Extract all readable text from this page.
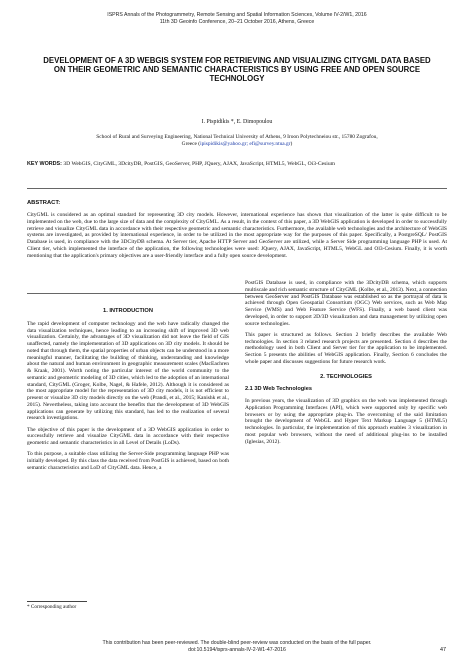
ISPRS Annals of the Photogrammetry, Remote Sensing and Spatial Information Sciences, Volume IV-2/W1, 2016
11th 3D Geoinfo Conference, 20–21 October 2016, Athens, Greece
DEVELOPMENT OF A 3D WEBGIS SYSTEM FOR RETRIEVING AND VISUALIZING CITYGML DATA BASED ON THEIR GEOMETRIC AND SEMANTIC CHARACTERISTICS BY USING FREE AND OPEN SOURCE TECHNOLOGY
I. Pispidikis *, E. Dimopoulou
School of Rural and Surveying Engineering, National Technical University of Athens, 9 Iroon Polytechneiou str., 15780 Zografou,
Greece (ipispidikis@yahoo.gr; efi@survey.ntua.gr)
KEY WORDS: 3D WebGIS, CityGML, 3DcityDB, PostGIS, GeoServer, PHP, JQuery, AJAX, JavaScript, HTML5, WebGL, Oi3-Cesium
ABSTRACT:
CityGML is considered as an optimal standard for representing 3D city models. However, international experience has shown that visualization of the latter is quite difficult to be implemented on the web, due to the large size of data and the complexity of CityGML. As a result, in the context of this paper, a 3D WebGIS application is developed in order to successfully retrieve and visualize CityGML data in accordance with their respective geometric and semantic characteristics. Furthermore, the available web technologies and the architecture of WebGIS systems are investigated, as provided by international experience, in order to be utilized in the most appropriate way for the purposes of this paper. Specifically, a PostgreSQL/ PostGIS Database is used, in compliance with the 3DCityDB schema. At Server tier, Apache HTTP Server and GeoServer are utilized, while a Server Side programming language PHP is used. At Client tier, which implemented the interface of the application, the following technologies were used: JQuery, AJAX, JavaScript, HTML5, WebGL and Ol3-Cesium. Finally, it is worth mentioning that the application's primary objectives are a user-friendly interface and a fully open source development.
1. INTRODUCTION

The rapid development of computer technology and the web have radically changed the data visualization techniques, hence leading to an increasing shift of improved 3D web visualization. Certainly, the advantages of 3D visualization did not leave the field of GIS unaffected, namely the implementation of 3D applications on 3D city models. It should be noted that through them, the spatial properties of urban objects can be understood in a more meaningful manner, facilitating the building of thinking, understanding and knowledge about the natural and human environment in geographic measurement scales (MacEachren & Kraak, 2001). Worth noting the particular interest of the world community to the semantic and geometric modeling of 3D cities, which led to the adoption of an international standard, CityGML (Groger, Kolbe, Nagel, & Hafele, 2012). Although it is considered as the most appropriate model for the representation of 3D city models, it is not efficient to present or visualize 3D city models directly on the web (Prandi, et al., 2015; Kanishk et al., 2015). Nevertheless, taking into account the benefits that the development of 3D WebGIS applications can generate by utilizing this standard, has led to the realization of several research investigations.

The objective of this paper is the development of a 3D WebGIS application in order to successfully retrieve and visualize CityGML data in accordance with their respective geometric and semantic characteristics in all Level of Details (LoDs).

To this purpose, a suitable class utilizing the Server-Side programming language PHP was initially developed. By this class the data received from PostGIS is achieved, based on both semantic characteristics and LoD of CityGML data. Hence, a

* Corresponding author

PostGIS Database is used, in compliance with the 3DcityDB schema, which supports multiscale and rich semantic structure of CityGML (Kolbe, et al., 2013). Next, a connection between GeoServer and PostGIS Database was established so as the portrayal of data is achieved through Open Geospatial Consortium (OGC) Web services, such as Web Map Service (WMS) and Web Feature Service (WFS). Finally, a web based client was developed, in order to support 2D/3D visualization and data management by utilizing open source technologies.

This paper is structured as follows. Section 2 briefly describes the available Web technologies. In section 3 related research projects are presented. Section 4 describes the methodology used in both Client and Server tier for the application to be implemented. Section 5 presents the abilities of WebGIS application. Finally, Section 6 concludes the whole paper and discusses suggestions for future research work.

2. TECHNOLOGIES
2.1 3D Web Technologies

In previous years, the visualization of 3D graphics on the web was implemented through Application Programming Interfaces (API), which were supported only by specific web browsers or by using the appropriate plug-in. The overcoming of the said limitation brought the development of WebGL and Hyper Text Markup Language 5 (HTML5) technologies. In particular, the implementation of this approach enables 3 visualization in most popular web browsers, without the need of additional plug-ins to be installed (Iglesias, 2012).

This contribution has been peer-reviewed. The double-blind peer-review was conducted on the basis of the full paper.
doi:10.5194/isprs-annals-IV-2-W1-47-2016	47
